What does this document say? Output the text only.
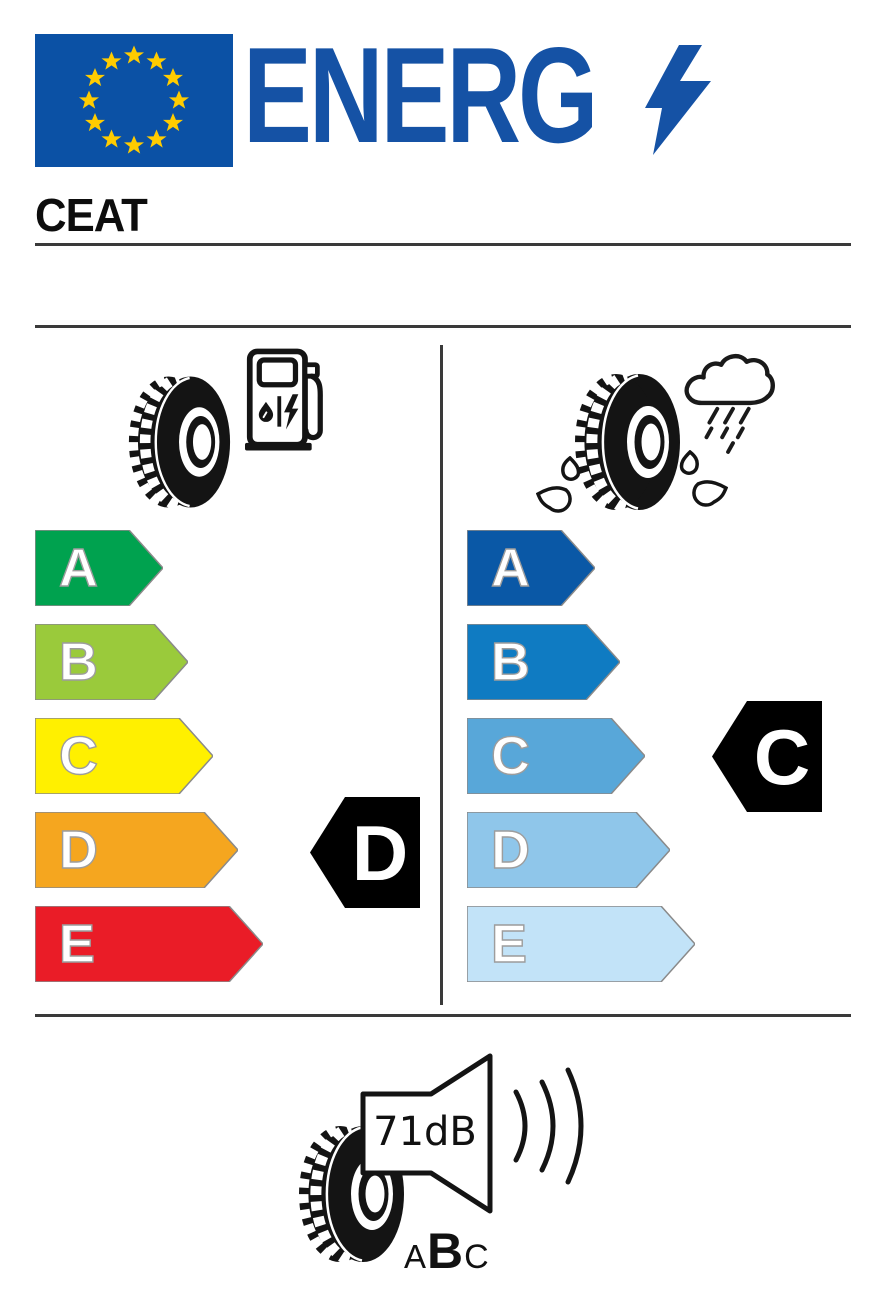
ENERG
CEAT
A
B
C
D
E
D
A
B
C
D
E
C
71dB
A B C
